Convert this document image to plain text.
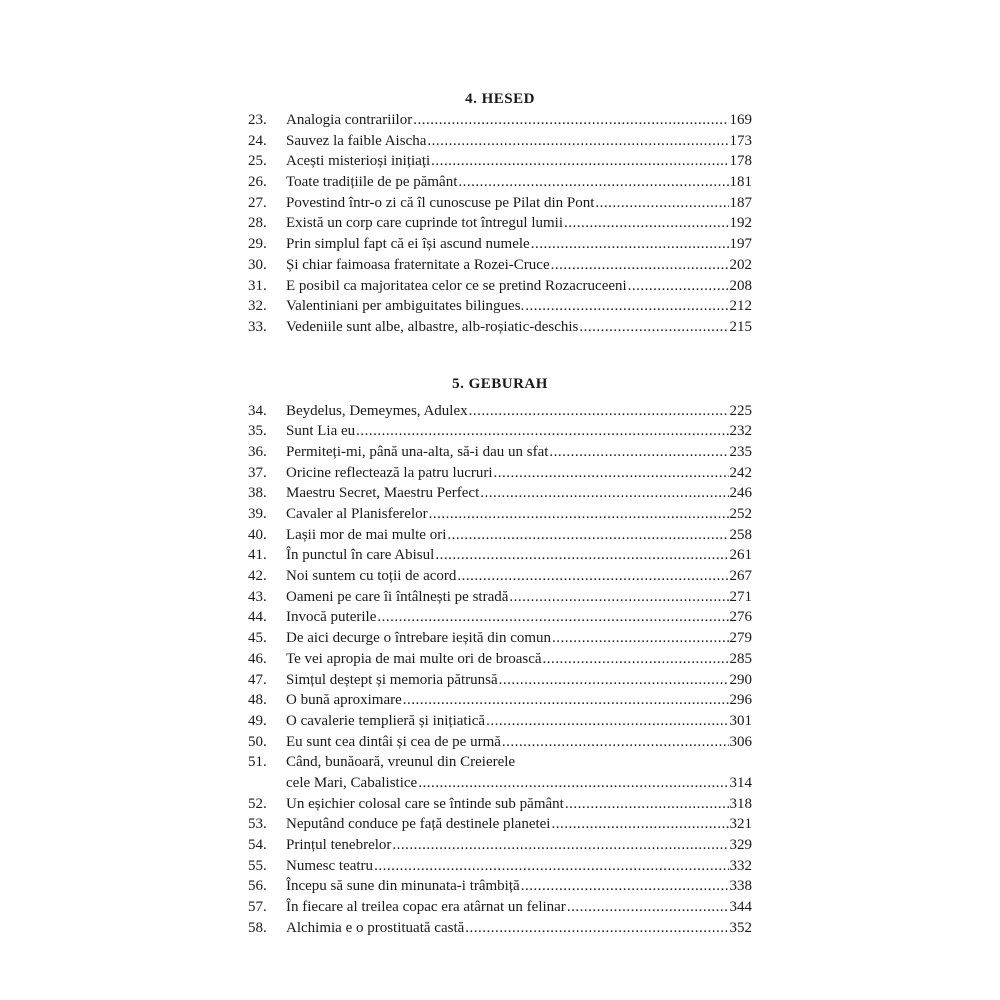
4. HESED
23.	Analogia contrariilor .....	169
24.	Sauvez la faible Aischa .....	173
25.	Acești misterioși inițiați .....	178
26.	Toate tradițiile de pe pământ .....	181
27.	Povestind într-o zi că îl cunoscuse pe Pilat din Pont .....	187
28.	Există un corp care cuprinde tot întregul lumii .....	192
29.	Prin simplul fapt că ei își ascund numele .....	197
30.	Și chiar faimoasa fraternitate a Rozei-Cruce .....	202
31.	E posibil ca majoritatea celor ce se pretind Rozacruceeni .....	208
32.	Valentiniani per ambiguitates bilingues. .....	212
33.	Vedeniile sunt albe, albastre, alb-roșiatic-deschis .....	215
5. GEBURAH
34.	Beydelus, Demeymes, Adulex .....	225
35.	Sunt Lia eu .....	232
36.	Permiteți-mi, până una-alta, să-i dau un sfat .....	235
37.	Oricine reflectează la patru lucruri .....	242
38.	Maestru Secret, Maestru Perfect .....	246
39.	Cavaler al Planisferelor .....	252
40.	Lașii mor de mai multe ori .....	258
41.	În punctul în care Abisul .....	261
42.	Noi suntem cu toții de acord .....	267
43.	Oameni pe care îi întâlnești pe stradă .....	271
44.	Invocă puterile .....	276
45.	De aici decurge o întrebare ieșită din comun .....	279
46.	Te vei apropia de mai multe ori de broască .....	285
47.	Simțul deștept și memoria pătrunsă .....	290
48.	O bună aproximare .....	296
49.	O cavalerie templieră și inițiatică .....	301
50.	Eu sunt cea dintâi și cea de pe urmă .....	306
51.	Când, bunăoară, vreunul din Creierele
cele Mari, Cabalistice .....	314
52.	Un eșichier colosal care se întinde sub pământ .....	318
53.	Neputând conduce pe față destinele planetei .....	321
54.	Prințul tenebrelor .....	329
55.	Numesc teatru .....	332
56.	Începu să sune din minunata-i trâmbiță .....	338
57.	În fiecare al treilea copac era atârnat un felinar .....	344
58.	Alchimia e o prostituată castă .....	352
